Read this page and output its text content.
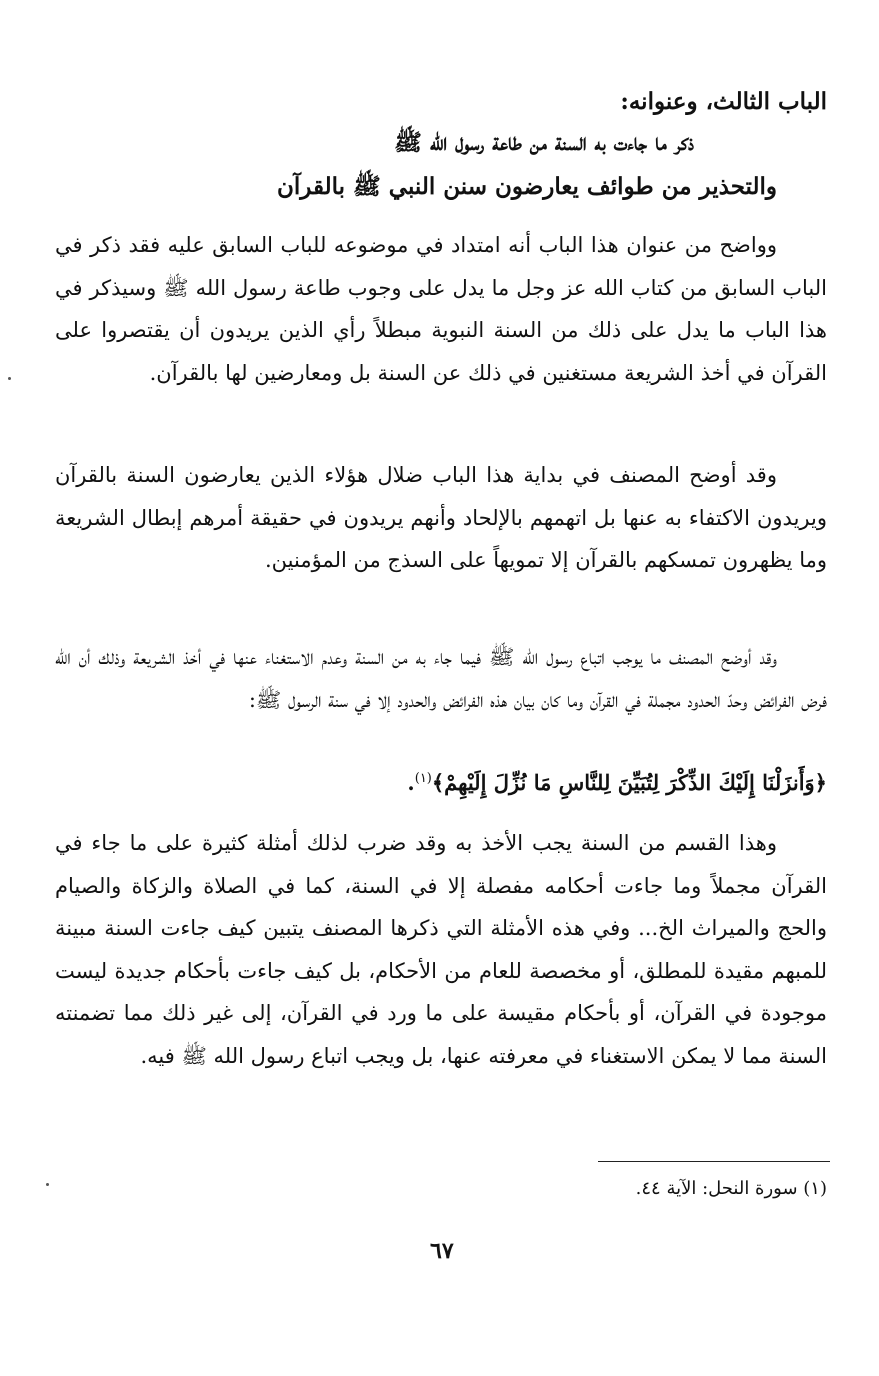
الباب الثالث، وعنوانه:
ذكر ما جاءت به السنة من طاعة رسول الله ﷺ
والتحذير من طوائف يعارضون سنن النبي ﷺ بالقرآن

وواضح من عنوان هذا الباب أنه امتداد في موضوعه للباب السابق عليه فقد ذكر في الباب السابق من كتاب الله عز وجل ما يدل على وجوب طاعة رسول الله ﷺ وسيذكر في هذا الباب ما يدل على ذلك من السنة النبوية مبطلاً رأي الذين يريدون أن يقتصروا على القرآن في أخذ الشريعة مستغنين في ذلك عن السنة بل ومعارضين لها بالقرآن.

وقد أوضح المصنف في بداية هذا الباب ضلال هؤلاء الذين يعارضون السنة بالقرآن ويريدون الاكتفاء به عنها بل اتهمهم بالإلحاد وأنهم يريدون في حقيقة أمرهم إبطال الشريعة وما يظهرون تمسكهم بالقرآن إلا تمويهاً على السذج من المؤمنين.

وقد أوضح المصنف ما يوجب اتباع رسول الله ﷺ فيما جاء به من السنة وعدم الاستغناء عنها في أخذ الشريعة وذلك أن الله فرض الفرائض وحدّ الحدود مجملة في القرآن وما كان بيان هذه الفرائض والحدود إلا في سنة الرسول ﷺ:

﴿وَأَنزَلْنَا إِلَيْكَ الذِّكْرَ لِتُبَيِّنَ لِلنَّاسِ مَا نُزِّلَ إِلَيْهِمْ﴾$^{(١)}$.

وهذا القسم من السنة يجب الأخذ به وقد ضرب لذلك أمثلة كثيرة على ما جاء في القرآن مجملاً وما جاءت أحكامه مفصلة إلا في السنة، كما في الصلاة والزكاة والصيام والحج والميراث الخ... وفي هذه الأمثلة التي ذكرها المصنف يتبين كيف جاءت السنة مبينة للمبهم مقيدة للمطلق، أو مخصصة للعام من الأحكام، بل كيف جاءت بأحكام جديدة ليست موجودة في القرآن، أو بأحكام مقيسة على ما ورد في القرآن، إلى غير ذلك مما تضمنته السنة مما لا يمكن الاستغناء في معرفته عنها، بل ويجب اتباع رسول الله ﷺ فيه.

(١) سورة النحل: الآية ٤٤.
٦٧
